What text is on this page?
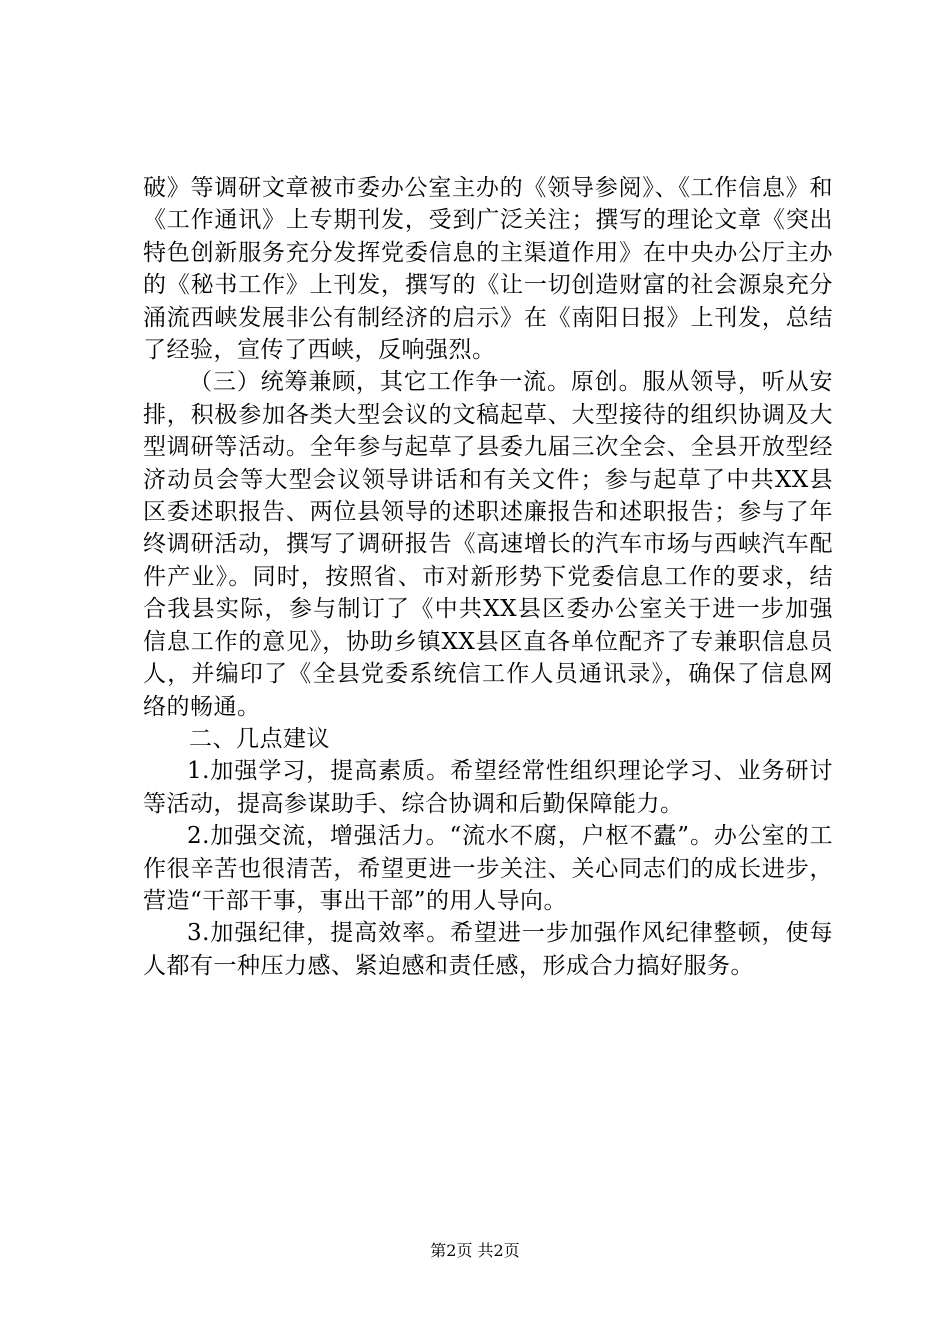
破》等调研文章被市委办公室主办的《领导参阅》、《工作信息》和《工作通讯》上专期刊发，受到广泛关注；撰写的理论文章《突出特色创新服务充分发挥党委信息的主渠道作用》在中央办公厅主办的《秘书工作》上刊发，撰写的《让一切创造财富的社会源泉充分涌流西峡发展非公有制经济的启示》在《南阳日报》上刊发，总结了经验，宣传了西峡，反响强烈。

（三）统筹兼顾，其它工作争一流。原创。服从领导，听从安排，积极参加各类大型会议的文稿起草、大型接待的组织协调及大型调研等活动。全年参与起草了县委九届三次全会、全县开放型经济动员会等大型会议领导讲话和有关文件；参与起草了中共XX县区委述职报告、两位县领导的述职述廉报告和述职报告；参与了年终调研活动，撰写了调研报告《高速增长的汽车市场与西峡汽车配件产业》。同时，按照省、市对新形势下党委信息工作的要求，结合我县实际，参与制订了《中共XX县区委办公室关于进一步加强信息工作的意见》，协助乡镇XX县区直各单位配齐了专兼职信息员人，并编印了《全县党委系统信工作人员通讯录》，确保了信息网络的畅通。

二、几点建议

1.加强学习，提高素质。希望经常性组织理论学习、业务研讨等活动，提高参谋助手、综合协调和后勤保障能力。

2.加强交流，增强活力。“流水不腐，户枢不蠹”。办公室的工作很辛苦也很清苦，希望更进一步关注、关心同志们的成长进步，营造“干部干事，事出干部”的用人导向。

3.加强纪律，提高效率。希望进一步加强作风纪律整顿，使每人都有一种压力感、紧迫感和责任感，形成合力搞好服务。

第2页 共2页
